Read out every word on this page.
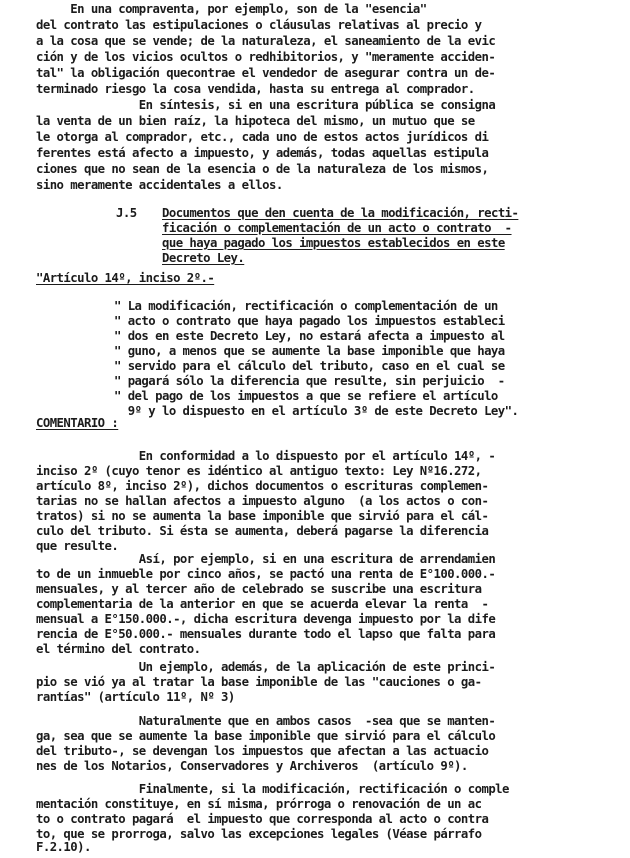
En una compraventa, por ejemplo, son de la "esencia"
del contrato las estipulaciones o cláusulas relativas al precio y
a la cosa que se vende; de la naturaleza, el saneamiento de la evic
ción y de los vicios ocultos o redhibitorios, y "meramente acciden-
tal" la obligación quecontrae el vendedor de asegurar contra un de-
terminado riesgo la cosa vendida, hasta su entrega al comprador.
En síntesis, si en una escritura pública se consigna
la venta de un bien raíz, la hipoteca del mismo, un mutuo que se
le otorga al comprador, etc., cada uno de estos actos jurídicos di
ferentes está afecto a impuesto, y además, todas aquellas estipula
ciones que no sean de la esencia o de la naturaleza de los mismos,
sino meramente accidentales a ellos.
J.5 Documentos que den cuenta de la modificación, recti-
ficación o complementación de un acto o contrato  -
que haya pagado los impuestos establecidos en este
Decreto Ley.
"Artículo 14º, inciso 2º.-
" La modificación, rectificación o complementación de un
" acto o contrato que haya pagado los impuestos estableci
" dos en este Decreto Ley, no estará afecta a impuesto al
" guno, a menos que se aumente la base imponible que haya
" servido para el cálculo del tributo, caso en el cual se
" pagará sólo la diferencia que resulte, sin perjuicio  -
" del pago de los impuestos a que se refiere el artículo
9º y lo dispuesto en el artículo 3º de este Decreto Ley".
COMENTARIO :
En conformidad a lo dispuesto por el artículo 14º, -
inciso 2º (cuyo tenor es idéntico al antiguo texto: Ley Nº16.272,
artículo 8º, inciso 2º), dichos documentos o escrituras complemen-
tarias no se hallan afectos a impuesto alguno  (a los actos o con-
tratos) si no se aumenta la base imponible que sirvió para el cál-
culo del tributo. Si ésta se aumenta, deberá pagarse la diferencia
que resulte.
Así, por ejemplo, si en una escritura de arrendamien
to de un inmueble por cinco años, se pactó una renta de E°100.000.-
mensuales, y al tercer año de celebrado se suscribe una escritura
complementaria de la anterior en que se acuerda elevar la renta  -
mensual a E°150.000.-, dicha escritura devenga impuesto por la dife
rencia de E°50.000.- mensuales durante todo el lapso que falta para
el término del contrato.
Un ejemplo, además, de la aplicación de este princi-
pio se vió ya al tratar la base imponible de las "cauciones o ga-
rantías" (artículo 11º, Nº 3)
Naturalmente que en ambos casos  -sea que se manten-
ga, sea que se aumente la base imponible que sirvió para el cálculo
del tributo-, se devengan los impuestos que afectan a las actuacio
nes de los Notarios, Conservadores y Archiveros  (artículo 9º).
Finalmente, si la modificación, rectificación o comple
mentación constituye, en sí misma, prórroga o renovación de un ac
to o contrato pagará  el impuesto que corresponda al acto o contra
to, que se prorroga, salvo las excepciones legales (Véase párrafo
F.2.10).
